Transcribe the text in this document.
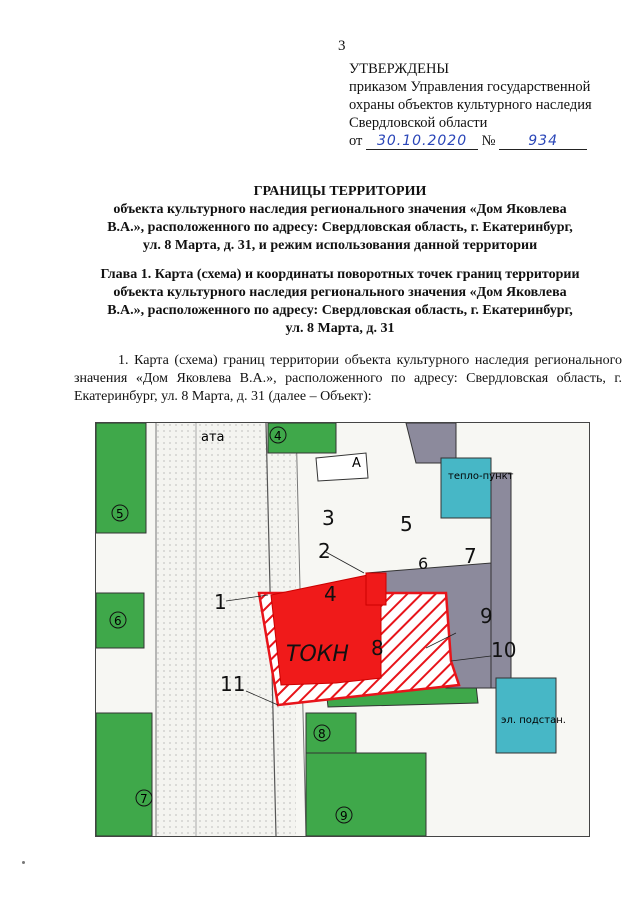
3
УТВЕРЖДЕНЫ
приказом Управления государственной
охраны объектов культурного наследия
Свердловской области
от 30.10.2020 № 934
ГРАНИЦЫ ТЕРРИТОРИИ
объекта культурного наследия регионального значения «Дом Яковлева
В.А.», расположенного по адресу: Свердловская область, г. Екатеринбург,
ул. 8 Марта, д. 31, и режим использования данной территории
Глава 1. Карта (схема) и координаты поворотных точек границ территории
объекта культурного наследия регионального значения «Дом Яковлева
В.А.», расположенного по адресу: Свердловская область, г. Екатеринбург,
ул. 8 Марта, д. 31
1. Карта (схема) границ территории объекта культурного наследия регионального значения «Дом Яковлева В.А.», расположенного по адресу: Свердловская область, г. Екатеринбург, ул. 8 Марта, д. 31 (далее – Объект):
3
2
5
1	4
6 7
8
9
10
11
ТОКН
4
5
6
7
8
9
тепло-пункт
эл. подстан.
ата
А
